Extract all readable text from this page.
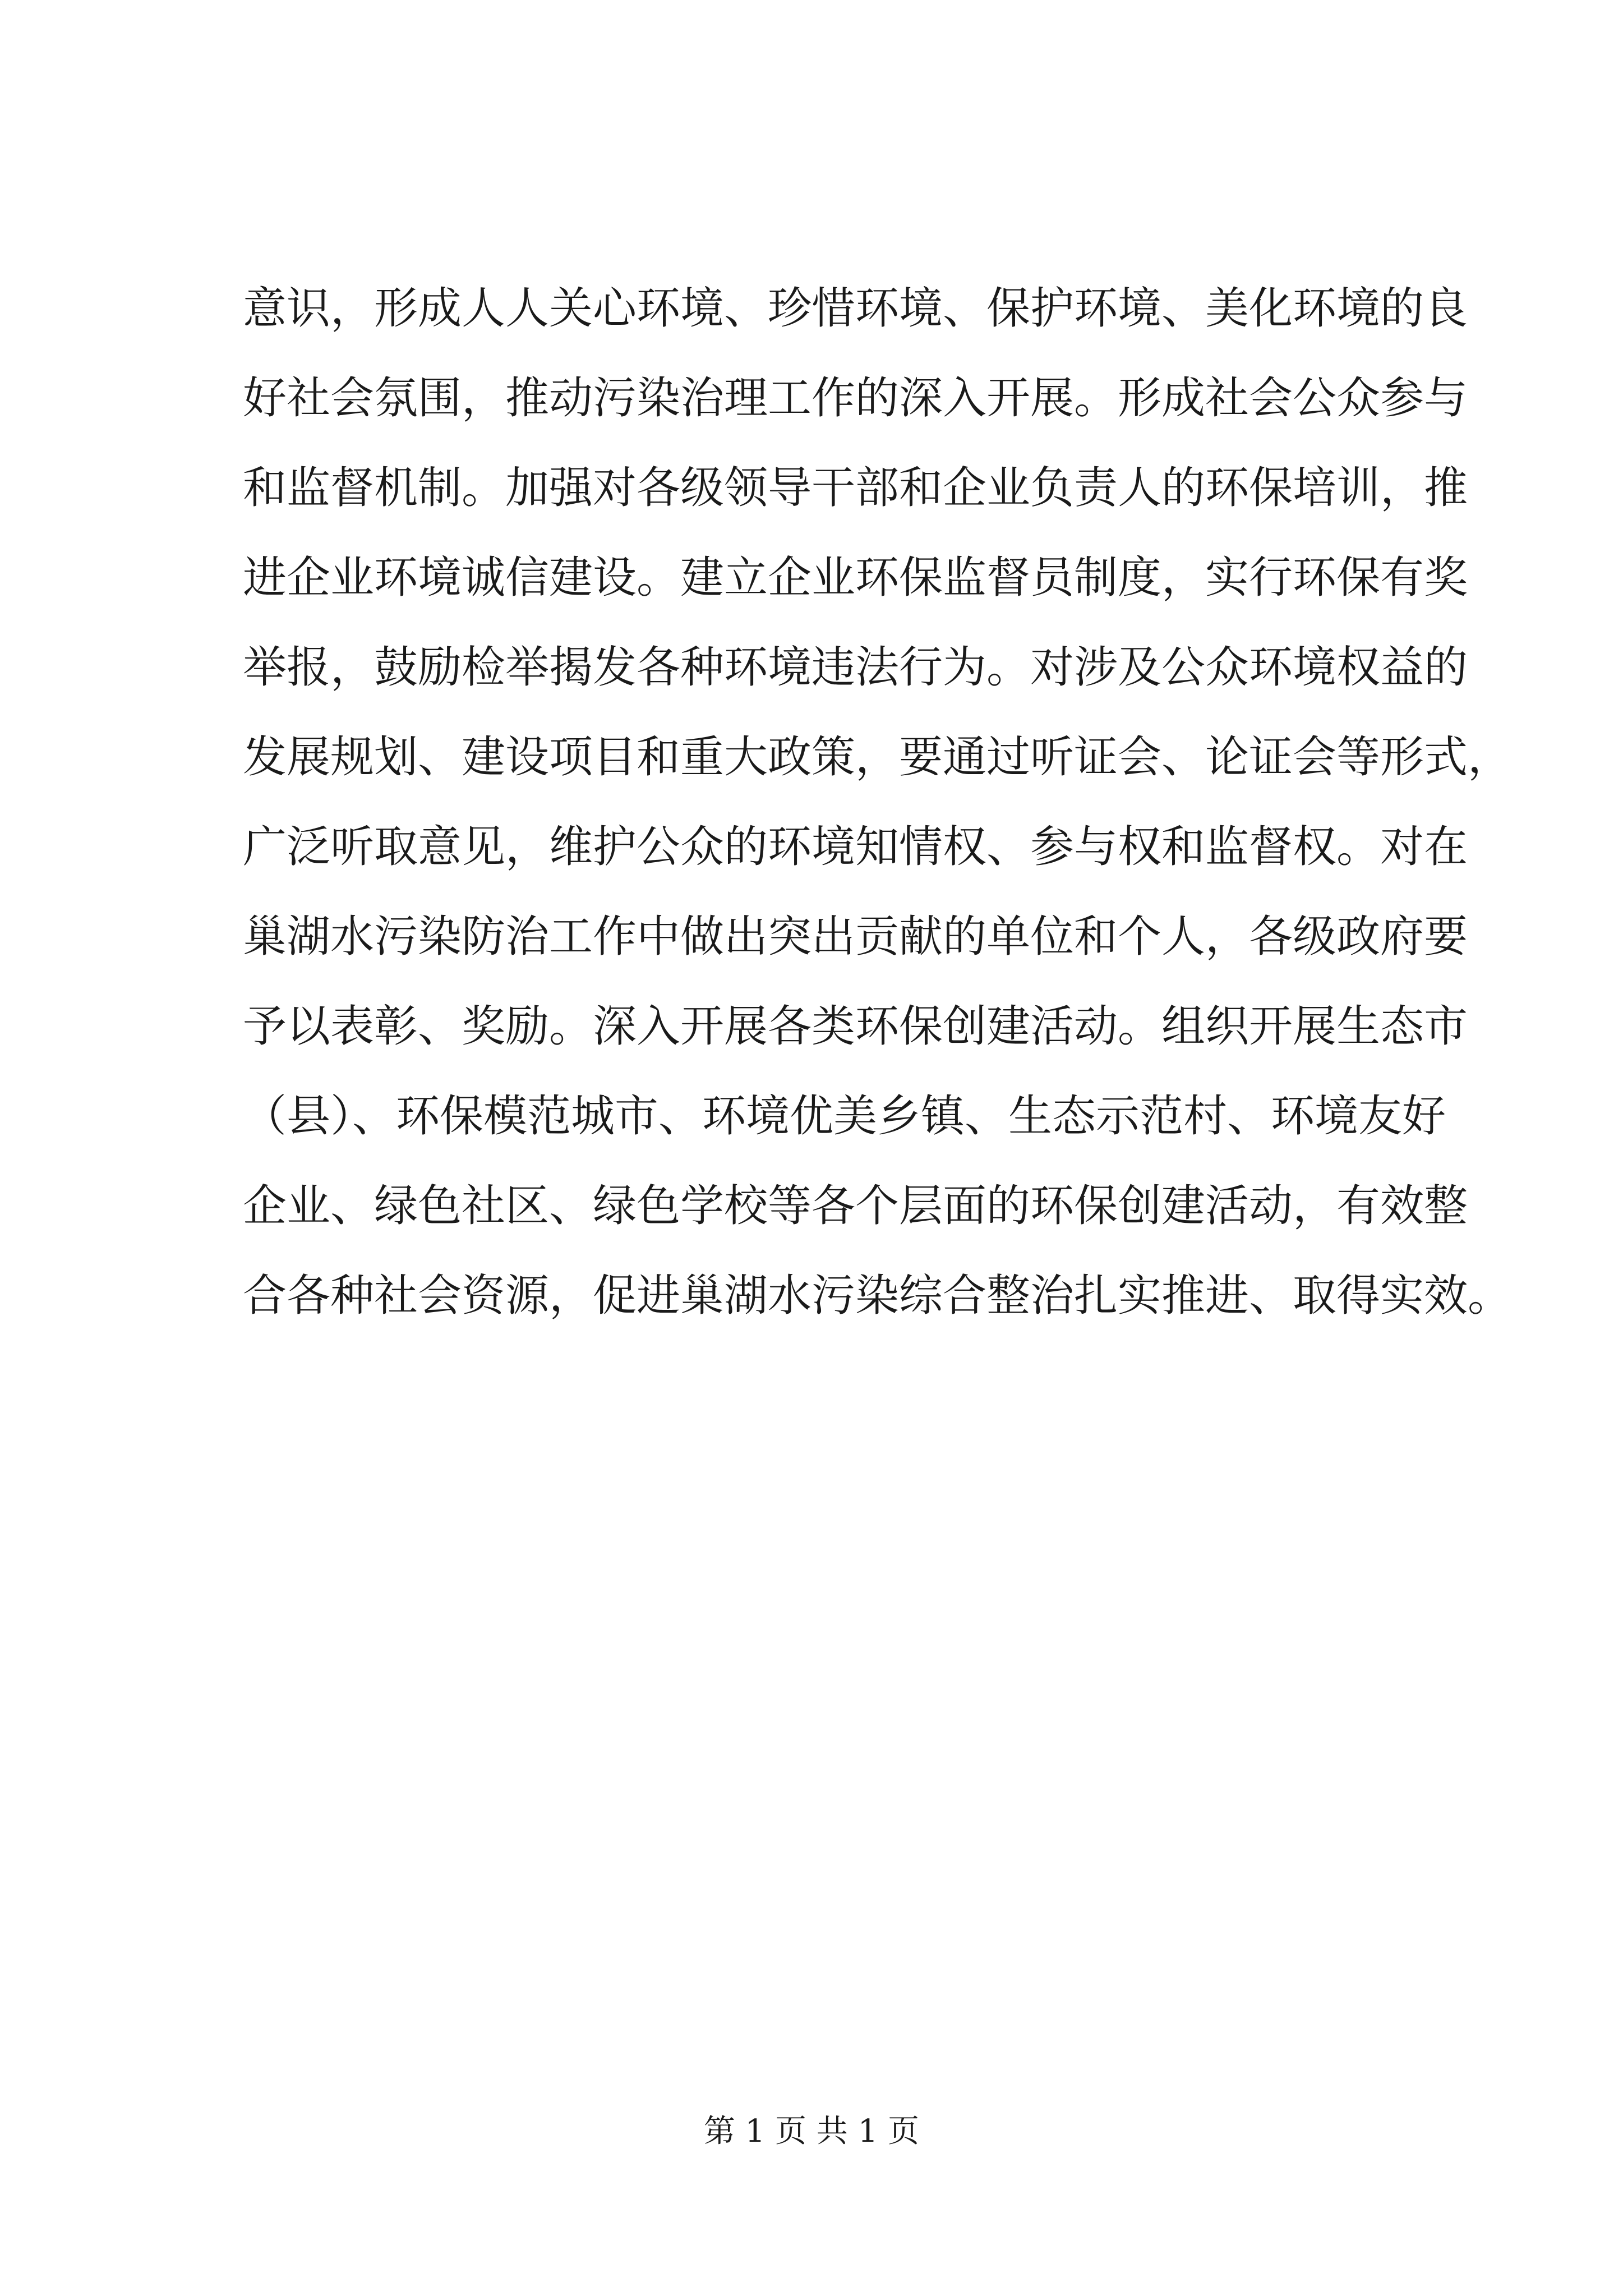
意识，形成人人关心环境、珍惜环境、保护环境、美化环境的良
好社会氛围，推动污染治理工作的深入开展。形成社会公众参与
和监督机制。加强对各级领导干部和企业负责人的环保培训，推
进企业环境诚信建设。建立企业环保监督员制度，实行环保有奖
举报，鼓励检举揭发各种环境违法行为。对涉及公众环境权益的
发展规划、建设项目和重大政策，要通过听证会、论证会等形式，
广泛听取意见，维护公众的环境知情权、参与权和监督权。对在
巢湖水污染防治工作中做出突出贡献的单位和个人，各级政府要
予以表彰、奖励。深入开展各类环保创建活动。组织开展生态市
（县）、环保模范城市、环境优美乡镇、生态示范村、环境友好
企业、绿色社区、绿色学校等各个层面的环保创建活动，有效整
合各种社会资源，促进巢湖水污染综合整治扎实推进、取得实效。
第 1 页 共 1 页
